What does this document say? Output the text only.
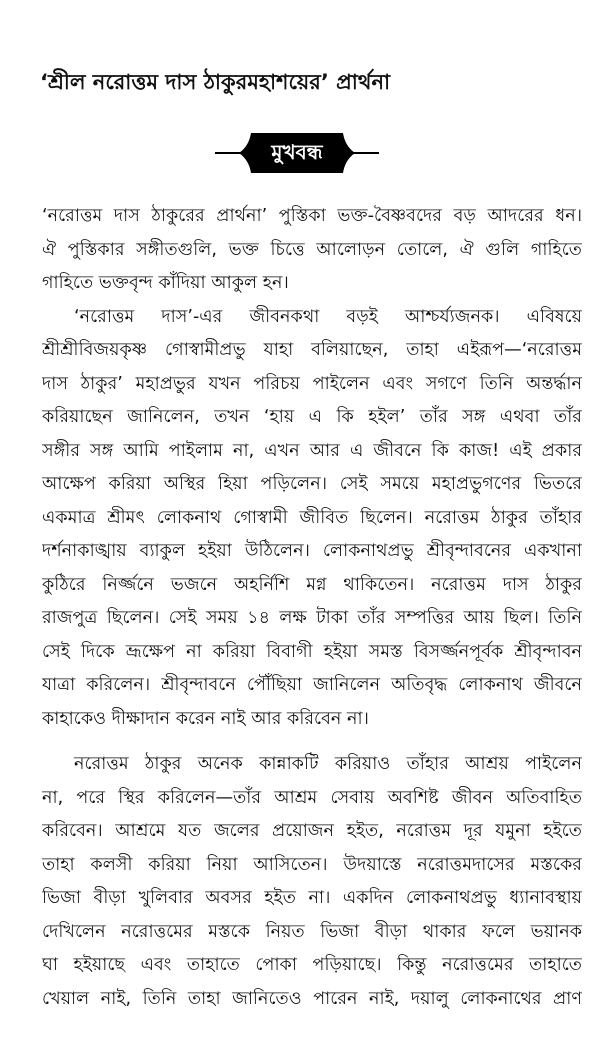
‘শ্রীল নরোত্তম দাস ঠাকুরমহাশয়ের’ প্রার্থনা
মুখবন্ধ
‘নরোত্তম দাস ঠাকুরের প্রার্থনা’ পুস্তিকা ভক্ত-বৈষ্ণবদের বড় আদরের ধন।
ঐ পুস্তিকার সঙ্গীতগুলি, ভক্ত চিত্তে আলোড়ন তোলে, ঐ গুলি গাহিতে
গাহিতে ভক্তবৃন্দ কাঁদিয়া আকুল হন।
‘নরোত্তম দাস’-এর জীবনকথা বড়ই আশ্চর্য্যজনক। এবিষয়ে
শ্রীশ্রীবিজয়কৃষ্ণ গোস্বামীপ্রভু যাহা বলিয়াছেন, তাহা এইরূপ—‘নরোত্তম
দাস ঠাকুর’ মহাপ্রভুর যখন পরিচয় পাইলেন এবং সগণে তিনি অন্তর্দ্ধান
করিয়াছেন জানিলেন, তখন ‘হায় এ কি হইল’ তাঁর সঙ্গ এথবা তাঁর
সঙ্গীর সঙ্গ আমি পাইলাম না, এখন আর এ জীবনে কি কাজ! এই প্রকার
আক্ষেপ করিয়া অস্থির হিয়া পড়িলেন। সেই সময়ে মহাপ্রভুগণের ভিতরে
একমাত্র শ্রীমৎ লোকনাথ গোস্বামী জীবিত ছিলেন। নরোত্তম ঠাকুর তাঁহার
দর্শনাকাঙ্খায় ব্যাকুল হইয়া উঠিলেন। লোকনাথপ্রভু শ্রীবৃন্দাবনের একখানা
কুঠিরে নির্জ্জনে ভজনে অহর্নিশি মগ্ন থাকিতেন। নরোত্তম দাস ঠাকুর
রাজপুত্র ছিলেন। সেই সময় ১৪ লক্ষ টাকা তাঁর সম্পত্তির আয় ছিল। তিনি
সেই দিকে ভ্রূক্ষেপ না করিয়া বিবাগী হইয়া সমস্ত বিসর্জ্জনপূর্বক শ্রীবৃন্দাবন
যাত্রা করিলেন। শ্রীবৃন্দাবনে পৌঁছিয়া জানিলেন অতিবৃদ্ধ লোকনাথ জীবনে
কাহাকেও দীক্ষাদান করেন নাই আর করিবেন না।
নরোত্তম ঠাকুর অনেক কান্নাকটি করিয়াও তাঁহার আশ্রয় পাইলেন
না, পরে স্থির করিলেন—তাঁর আশ্রম সেবায় অবশিষ্ট জীবন অতিবাহিত
করিবেন। আশ্রমে যত জলের প্রয়োজন হইত, নরোত্তম দূর যমুনা হইতে
তাহা কলসী করিয়া নিয়া আসিতেন। উদয়াস্তে নরোত্তমদাসের মস্তকের
ভিজা বীড়া খুলিবার অবসর হইত না। একদিন লোকনাথপ্রভু ধ্যানাবস্থায়
দেখিলেন নরোত্তমের মস্তকে নিয়ত ভিজা বীড়া থাকার ফলে ভয়ানক
ঘা হইয়াছে এবং তাহাতে পোকা পড়িয়াছে। কিন্তু নরোত্তমের তাহাতে
খেয়াল নাই, তিনি তাহা জানিতেও পারেন নাই, দয়ালু লোকনাথের প্রাণ
